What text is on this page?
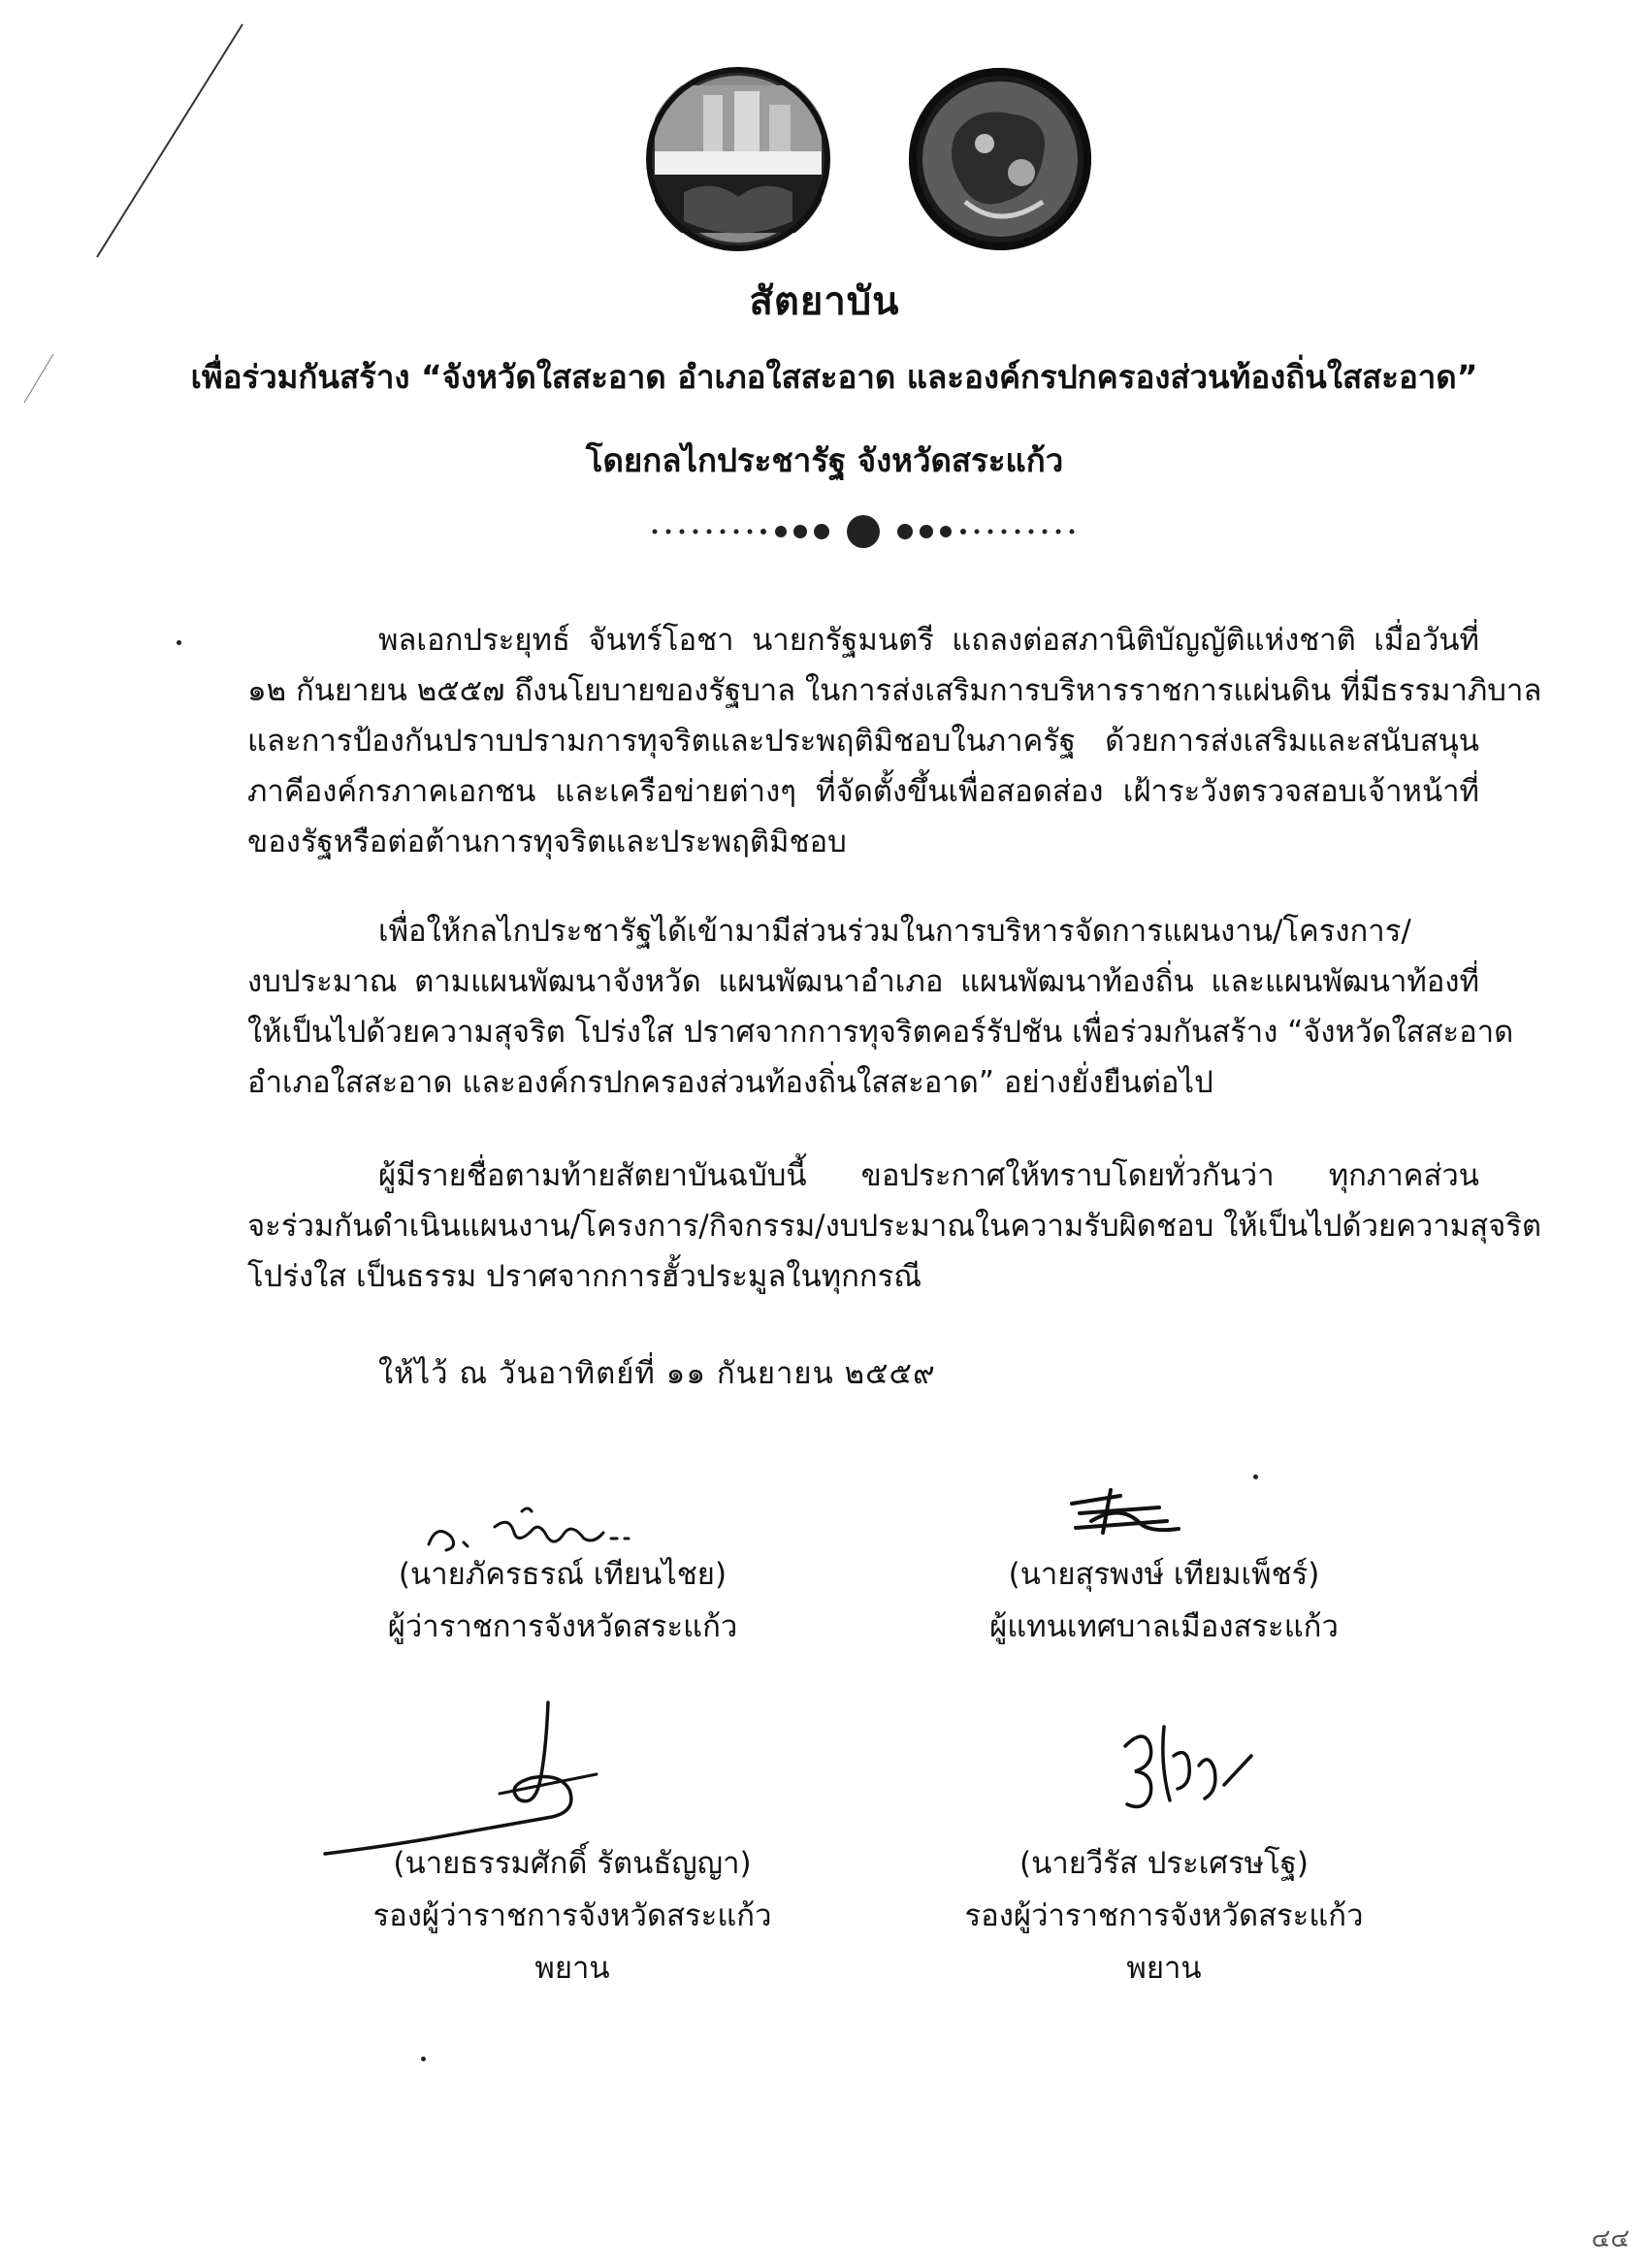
สัตยาบัน
เพื่อร่วมกันสร้าง “จังหวัดใสสะอาด อำเภอใสสะอาด และองค์กรปกครองส่วนท้องถิ่นใสสะอาด”
โดยกลไกประชารัฐ จังหวัดสระแก้ว
พลเอกประยุทธ์ จันทร์โอชา นายกรัฐมนตรี แถลงต่อสภานิติบัญญัติแห่งชาติ เมื่อวันที่
๑๒ กันยายน ๒๕๕๗ ถึงนโยบายของรัฐบาล ในการส่งเสริมการบริหารราชการแผ่นดิน ที่มีธรรมาภิบาล
และการป้องกันปราบปรามการทุจริตและประพฤติมิชอบในภาครัฐ ด้วยการส่งเสริมและสนับสนุน
ภาคีองค์กรภาคเอกชน และเครือข่ายต่างๆ ที่จัดตั้งขึ้นเพื่อสอดส่อง เฝ้าระวังตรวจสอบเจ้าหน้าที่
ของรัฐหรือต่อต้านการทุจริตและประพฤติมิชอบ
เพื่อให้กลไกประชารัฐได้เข้ามามีส่วนร่วมในการบริหารจัดการแผนงาน/โครงการ/
งบประมาณ ตามแผนพัฒนาจังหวัด แผนพัฒนาอำเภอ แผนพัฒนาท้องถิ่น และแผนพัฒนาท้องที่
ให้เป็นไปด้วยความสุจริต โปร่งใส ปราศจากการทุจริตคอร์รัปชัน เพื่อร่วมกันสร้าง “จังหวัดใสสะอาด
อำเภอใสสะอาด และองค์กรปกครองส่วนท้องถิ่นใสสะอาด” อย่างยั่งยืนต่อไป
ผู้มีรายชื่อตามท้ายสัตยาบันฉบับนี้ ขอประกาศให้ทราบโดยทั่วกันว่า ทุกภาคส่วน
จะร่วมกันดำเนินแผนงาน/โครงการ/กิจกรรม/งบประมาณในความรับผิดชอบ ให้เป็นไปด้วยความสุจริต
โปร่งใส เป็นธรรม ปราศจากการฮั้วประมูลในทุกกรณี
ให้ไว้ ณ วันอาทิตย์ที่ ๑๑ กันยายน ๒๕๕๙
(นายภัครธรณ์ เทียนไชย)
ผู้ว่าราชการจังหวัดสระแก้ว
(นายสุรพงษ์ เทียมเพ็ชร์)
ผู้แทนเทศบาลเมืองสระแก้ว
(นายธรรมศักดิ์ รัตนธัญญา)
รองผู้ว่าราชการจังหวัดสระแก้ว
พยาน
(นายวีรัส ประเศรษโฐ)
รองผู้ว่าราชการจังหวัดสระแก้ว
พยาน
๔๔
